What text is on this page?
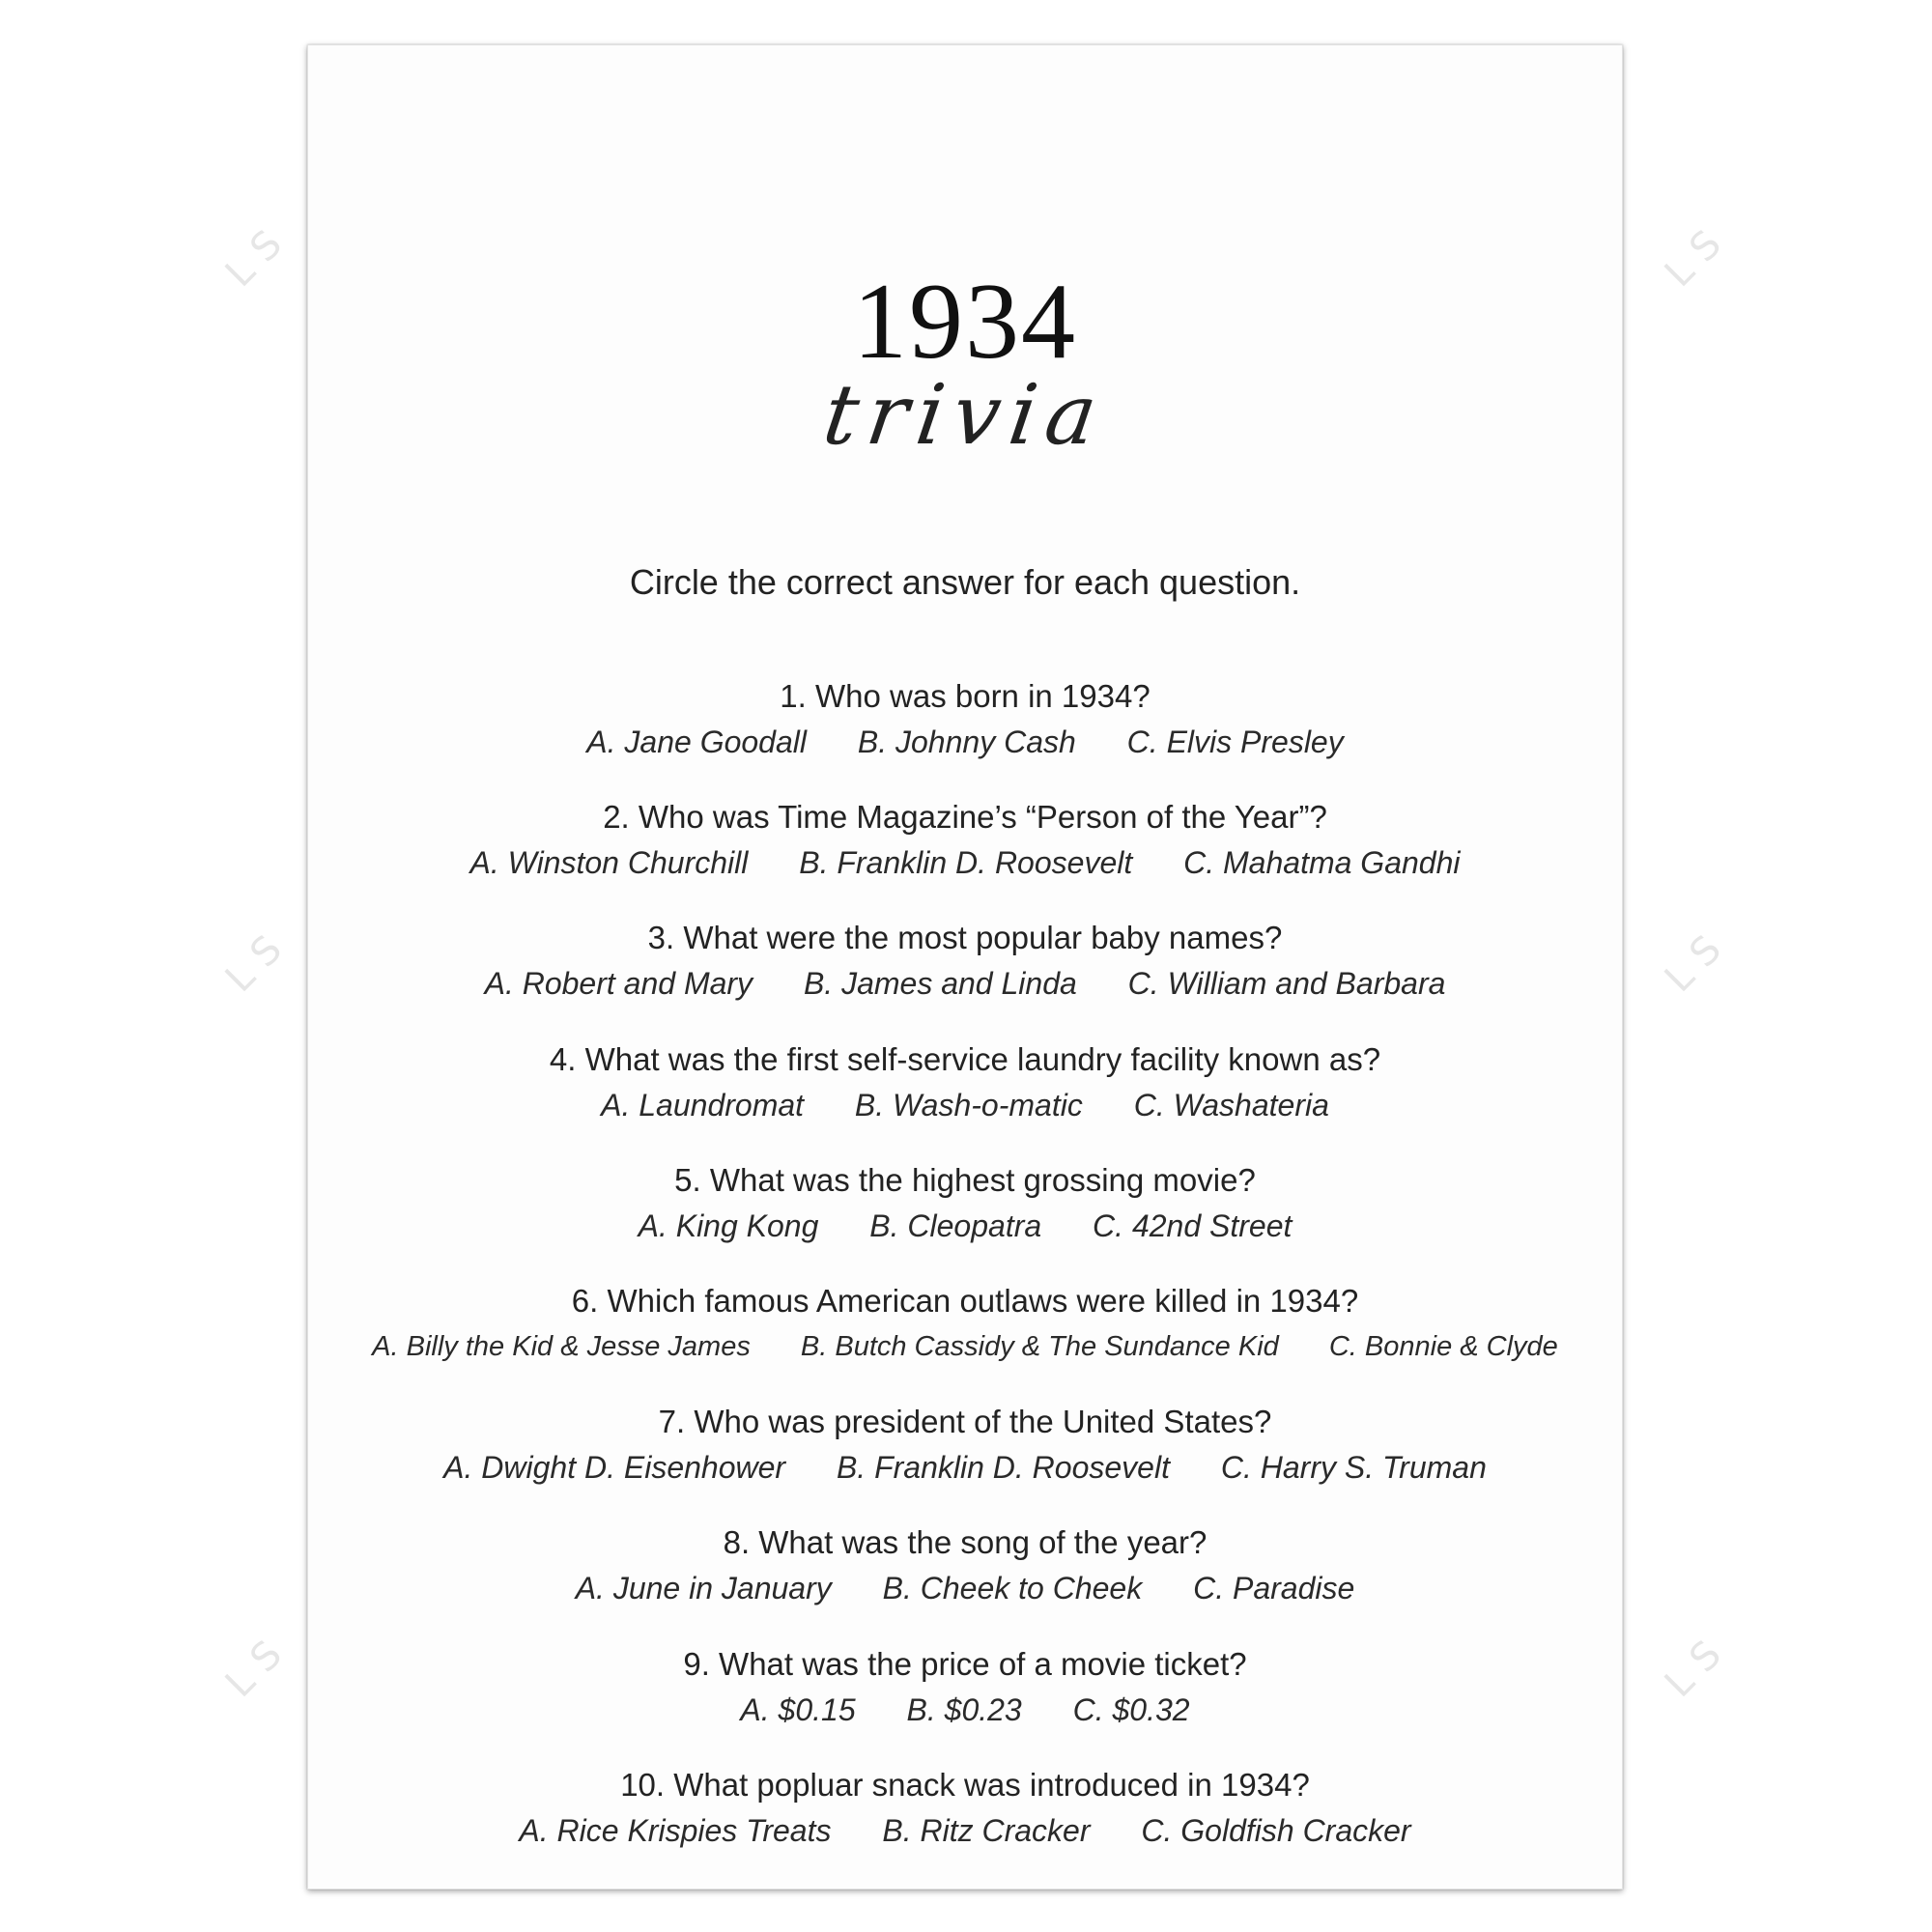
LS	LS
LS	LS
LS	LS
1934
trivia
Circle the correct answer for each question.
1. Who was born in 1934?
A. Jane Goodall B. Johnny Cash C. Elvis Presley
2. Who was Time Magazine’s “Person of the Year”?
A. Winston Churchill B. Franklin D. Roosevelt C. Mahatma Gandhi
3. What were the most popular baby names?
A. Robert and Mary B. James and Linda C. William and Barbara
4. What was the first self-service laundry facility known as?
A. Laundromat B. Wash-o-matic C. Washateria
5. What was the highest grossing movie?
A. King Kong B. Cleopatra C. 42nd Street
6. Which famous American outlaws were killed in 1934?
A. Billy the Kid & Jesse James B. Butch Cassidy & The Sundance Kid C. Bonnie & Clyde
7. Who was president of the United States?
A. Dwight D. Eisenhower B. Franklin D. Roosevelt C. Harry S. Truman
8. What was the song of the year?
A. June in January B. Cheek to Cheek C. Paradise
9. What was the price of a movie ticket?
A. $0.15 B. $0.23 C. $0.32
10. What popluar snack was introduced in 1934?
A. Rice Krispies Treats B. Ritz Cracker C. Goldfish Cracker
